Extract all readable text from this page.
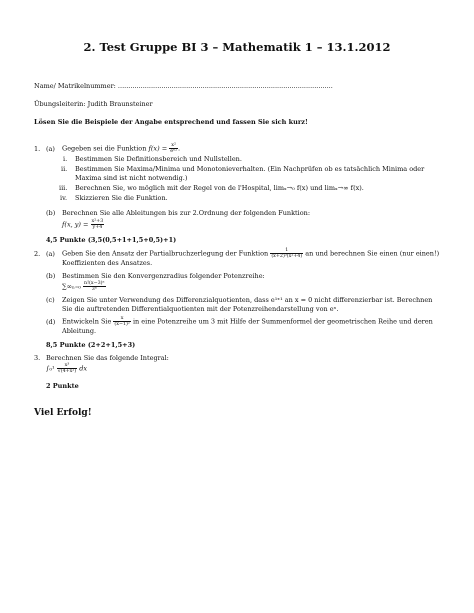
2. Test Gruppe BI 3 – Mathematik 1 – 13.1.2012
Name/ Matrikelnummer: ........................................................................................................
Übungsleiterin: Judith Braunsteiner
Lösen Sie die Beispiele der Angabe entsprechend und fassen Sie sich kurz!
1. (a) Gegeben sei die Funktion $f(x) = \frac{\text{x²}}{\text{eˣ²}}$ .
i. Bestimmen Sie Definitionsbereich und Nullstellen.
ii. Bestimmen Sie Maxima/Minima und Monotonieverhalten. (Ein Nachprüfen ob es tatsächlich Minima oder
Maxima sind ist nicht notwendig.)
iii. Berechnen Sie, wo möglich mit der Regel von de l'Hospital, limₓ→₀ f(x) und limₓ→∞ f(x).
iv. Skizzieren Sie die Funktion.
(b) Berechnen Sie alle Ableitungen bis zur 2.Ordnung der folgenden Funktion:
f(x, $y) = \frac{\text{x²+3}}{y+4}$
4,5 Punkte (3,5(0,5+1+1,5+0,5)+1)
2. (a) Geben Sie den Ansatz der Partialbruchzerlegung der Funktion $\frac{1}{\text{(x+2)³(x²+4)}}$ an und berechnen Sie einen (nur einen!)
Koeffizienten des Ansatzes.
(b) Bestimmen Sie den Konvergenzradius folgender Potenzreihe:
$\sum\infty_{n=0} \frac{\text{n!(x−3)ⁿ}}{\text{3ⁿ}}$
(c) Zeigen Sie unter Verwendung des Differenzialquotienten, dass e¹ˣ¹ an x = 0 nicht differenzierbar ist. Berechnen
Sie die auftretenden Differentialquotienten mit der Potenzreihendarstellung von eˣ.
(d) Entwickeln Sie $\frac{x}{\text{(x−1)²}}$ in eine Potenzreihe um 3 mit Hilfe der Summenformel der geometrischen Reihe und deren
Ableitung.
8,5 Punkte (2+2+1,5+3)
3. Berechnen Sie das folgende Integral:
$\int_0^1 \frac{\text{x³}}{\text{√(4+x²)}}$ dx
2 Punkte
Viel Erfolg!
